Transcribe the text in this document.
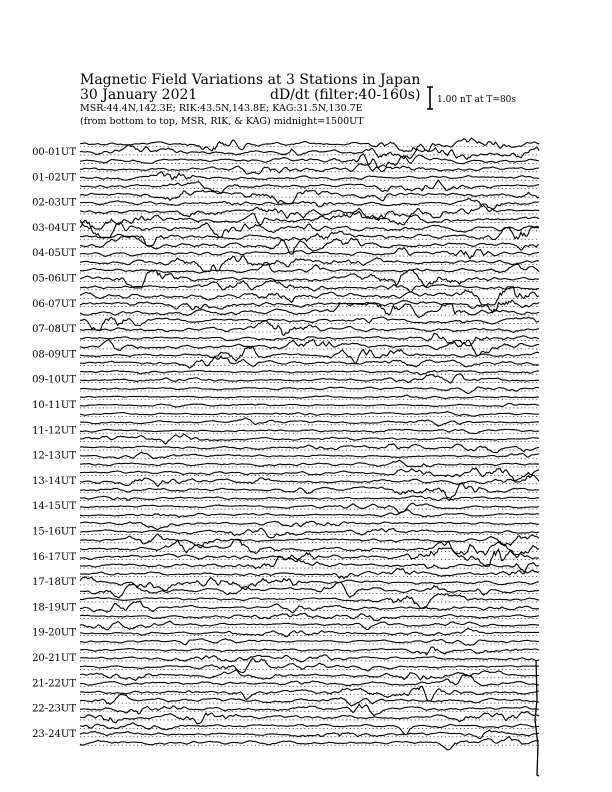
Magnetic Field Variations at 3 Stations in Japan
30 January 2021	dD/dt (filter:40-160s)
MSR:44.4N,142.3E; RIK:43.5N,143.8E; KAG:31.5N,130.7E
(from bottom to top, MSR, RIK, & KAG) midnight=1500UT
1.00 nT at T=80s
00-01UT
01-02UT
02-03UT
03-04UT
04-05UT
05-06UT
06-07UT
07-08UT
08-09UT
09-10UT
10-11UT
11-12UT
12-13UT
13-14UT
14-15UT
15-16UT
16-17UT
17-18UT
18-19UT
19-20UT
20-21UT
21-22UT
22-23UT
23-24UT
